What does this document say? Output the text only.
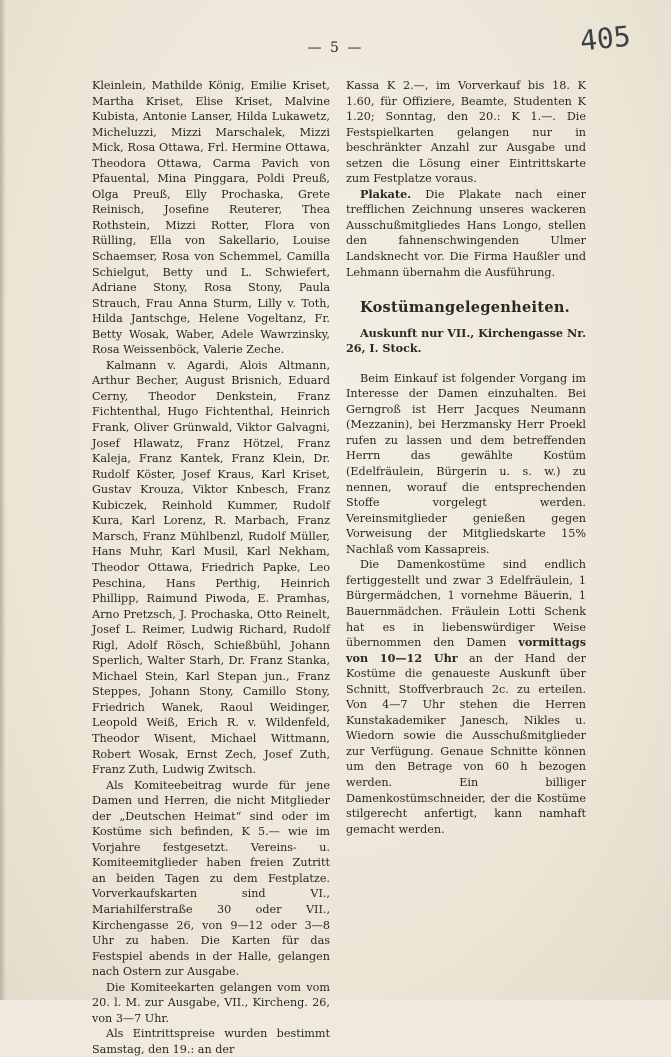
— 5 —	405

Kleinlein, Mathilde König, Emilie Kriset, Martha Kriset, Elise Kriset, Malvine Kubista, Antonie Lanser, Hilda Lukawetz, Micheluzzi, Mizzi Marschalek, Mizzi Mick, Rosa Ottawa, Frl. Hermine Ottawa, Theodora Ottawa, Carma Pavich von Pfauental, Mina Pinggara, Poldi Preuß, Olga Preuß, Elly Prochaska, Grete Reinisch, Josefine Reuterer, Thea Rothstein, Mizzi Rotter, Flora von Rülling, Ella von Sakellario, Louise Schaemser, Rosa von Schemmel, Camilla Schielgut, Betty und L. Schwiefert, Adriane Stony, Rosa Stony, Paula Strauch, Frau Anna Sturm, Lilly v. Toth, Hilda Jantschge, Helene Vogeltanz, Fr. Betty Wosak, Waber, Adele Wawrzinsky, Rosa Weissenböck, Valerie Zeche.

Kalmann v. Agardi, Alois Altmann, Arthur Becher, August Brisnich, Eduard Cerny, Theodor Denkstein, Franz Fichtenthal, Hugo Fichtenthal, Heinrich Frank, Oliver Grünwald, Viktor Galvagni, Josef Hlawatz, Franz Hötzel, Franz Kaleja, Franz Kantek, Franz Klein, Dr. Rudolf Köster, Josef Kraus, Karl Kriset, Gustav Krouza, Viktor Knbesch, Franz Kubiczek, Reinhold Kummer, Rudolf Kura, Karl Lorenz, R. Marbach, Franz Marsch, Franz Mühlbenzl, Rudolf Müller, Hans Muhr, Karl Musil, Karl Nekham, Theodor Ottawa, Friedrich Papke, Leo Peschina, Hans Perthig, Heinrich Phillipp, Raimund Piwoda, E. Pramhas, Arno Pretzsch, J. Prochaska, Otto Reinelt, Josef L. Reimer, Ludwig Richard, Rudolf Rigl, Adolf Rösch, Schießbühl, Johann Sperlich, Walter Starh, Dr. Franz Stanka, Michael Stein, Karl Stepan jun., Franz Steppes, Johann Stony, Camillo Stony, Friedrich Wanek, Raoul Weidinger, Leopold Weiß, Erich R. v. Wildenfeld, Theodor Wisent, Michael Wittmann, Robert Wosak, Ernst Zech, Josef Zuth, Franz Zuth, Ludwig Zwitsch.

Als Komiteebeitrag wurde für jene Damen und Herren, die nicht Mitglieder der „Deutschen Heimat“ sind oder im Kostüme sich befinden, K 5.— wie im Vorjahre festgesetzt. Vereins- u. Komiteemitglieder haben freien Zutritt an beiden Tagen zu dem Festplatze. Vorverkaufskarten sind VI., Mariahilferstraße 30 oder VII., Kirchengasse 26, von 9—12 oder 3—8 Uhr zu haben. Die Karten für das Festspiel abends in der Halle, gelangen nach Ostern zur Ausgabe.

Die Komiteekarten gelangen vom vom 20. l. M. zur Ausgabe, VII., Kircheng. 26, von 3—7 Uhr.

Als Eintrittspreise wurden bestimmt Samstag, den 19.: an der

Kassa K 2.—, im Vorverkauf bis 18. K 1.60, für Offiziere, Beamte, Studenten K 1.20; Sonntag, den 20.: K 1.—. Die Festspielkarten gelangen nur in beschränkter Anzahl zur Ausgabe und setzen die Lösung einer Eintrittskarte zum Festplatze voraus.

Plakate. Die Plakate nach einer trefflichen Zeichnung unseres wackeren Ausschußmitgliedes Hans Longo, stellen den fahnenschwingenden Ulmer Landsknecht vor. Die Firma Haußler und Lehmann übernahm die Ausführung.

Kostümangelegenheiten.

Auskunft nur VII., Kirchengasse Nr. 26, I. Stock.

Beim Einkauf ist folgender Vorgang im Interesse der Damen einzuhalten. Bei Gerngroß ist Herr Jacques Neumann (Mezzanin), bei Herzmansky Herr Proekl rufen zu lassen und dem betreffenden Herrn das gewählte Kostüm (Edelfräulein, Bürgerin u. s. w.) zu nennen, worauf die entsprechenden Stoffe vorgelegt werden. Vereinsmitglieder genießen gegen Vorweisung der Mitgliedskarte 15% Nachlaß vom Kassapreis.

Die Damenkostüme sind endlich fertiggestellt und zwar 3 Edelfräulein, 1 Bürgermädchen, 1 vornehme Bäuerin, 1 Bauernmädchen. Fräulein Lotti Schenk hat es in liebenswürdiger Weise übernommen den Damen vormittags von 10—12 Uhr an der Hand der Kostüme die genaueste Auskunft über Schnitt, Stoffverbrauch 2c. zu erteilen. Von 4—7 Uhr stehen die Herren Kunstakademiker Janesch, Nikles u. Wiedorn sowie die Ausschußmitglieder zur Verfügung. Genaue Schnitte können um den Betrage von 60 h bezogen werden. Ein billiger Damenkostümschneider, der die Kostüme stilgerecht anfertigt, kann namhaft gemacht werden.
